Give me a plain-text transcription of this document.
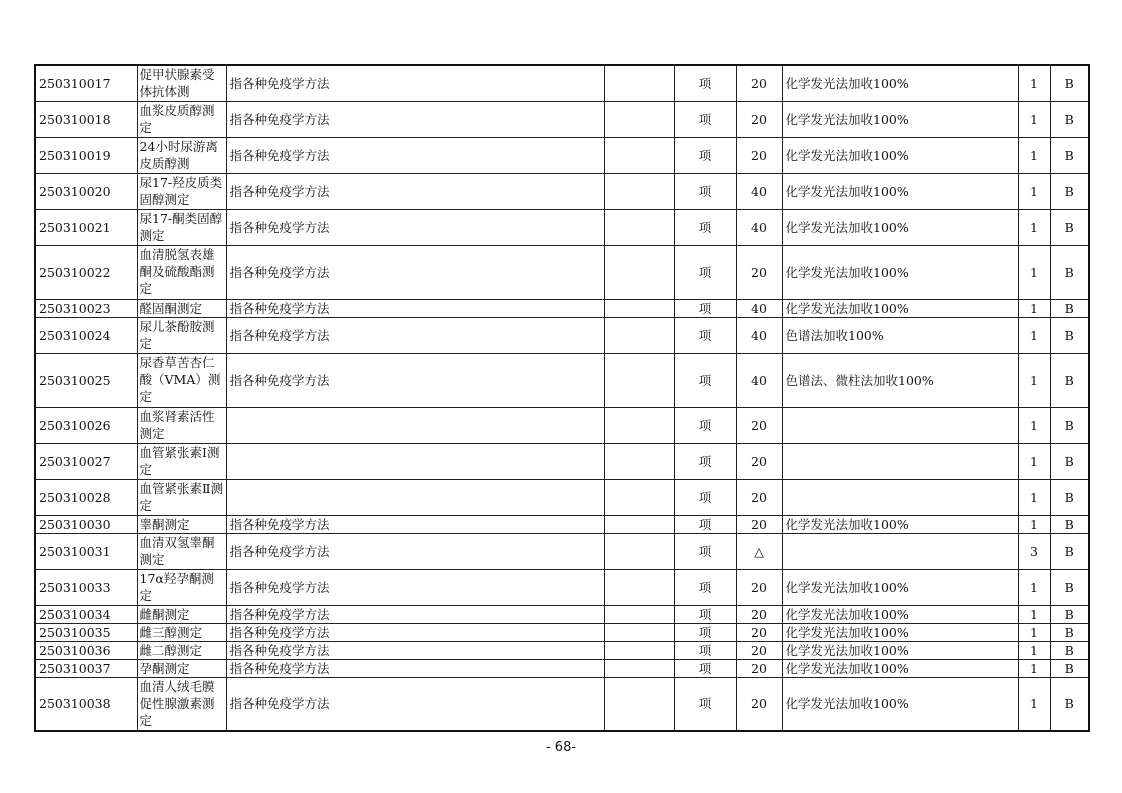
250310017	促甲状腺素受体抗体测	指各种免疫学方法		项	20	化学发光法加收100%	1	B
250310018	血浆皮质醇测定	指各种免疫学方法		项	20	化学发光法加收100%	1	B
250310019	24小时尿游离皮质醇测	指各种免疫学方法		项	20	化学发光法加收100%	1	B
250310020	尿17-羟皮质类固醇测定	指各种免疫学方法		项	40	化学发光法加收100%	1	B
250310021	尿17-酮类固醇测定	指各种免疫学方法		项	40	化学发光法加收100%	1	B
250310022	血清脱氢表雄酮及硫酸酯测定	指各种免疫学方法		项	20	化学发光法加收100%	1	B
250310023	醛固酮测定	指各种免疫学方法		项	40	化学发光法加收100%	1	B
250310024	尿儿茶酚胺测定	指各种免疫学方法		项	40	色谱法加收100%	1	B
250310025	尿香草苦杏仁酸（VMA）测定	指各种免疫学方法		项	40	色谱法、微柱法加收100%	1	B
250310026	血浆肾素活性测定			项	20		1	B
250310027	血管紧张素Ⅰ测定			项	20		1	B
250310028	血管紧张素Ⅱ测定			项	20		1	B
250310030	睾酮测定	指各种免疫学方法		项	20	化学发光法加收100%	1	B
250310031	血清双氢睾酮测定	指各种免疫学方法		项	△		3	B
250310033	17α羟孕酮测定	指各种免疫学方法		项	20	化学发光法加收100%	1	B
250310034	雌酮测定	指各种免疫学方法		项	20	化学发光法加收100%	1	B
250310035	雌三醇测定	指各种免疫学方法		项	20	化学发光法加收100%	1	B
250310036	雌二醇测定	指各种免疫学方法		项	20	化学发光法加收100%	1	B
250310037	孕酮测定	指各种免疫学方法		项	20	化学发光法加收100%	1	B
250310038	血清人绒毛膜促性腺激素测定	指各种免疫学方法		项	20	化学发光法加收100%	1	B
- 68-
